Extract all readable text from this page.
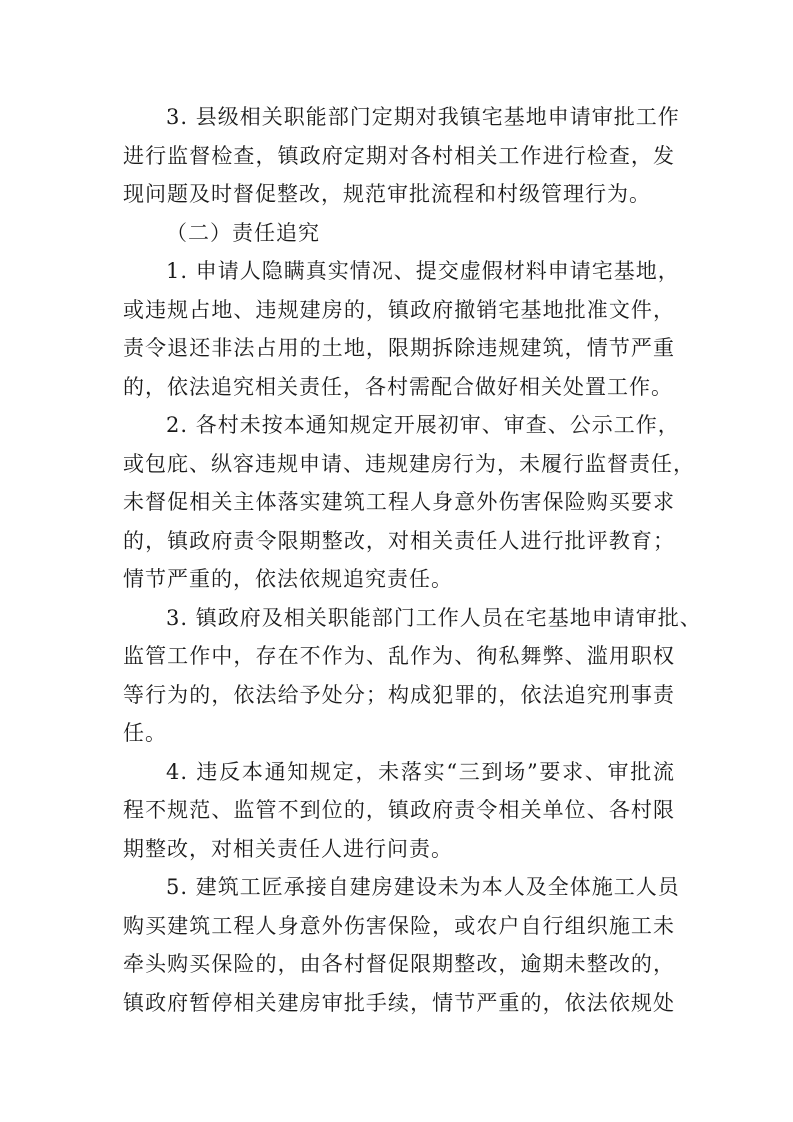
3. 县级相关职能部门定期对我镇宅基地申请审批工作
进行监督检查，镇政府定期对各村相关工作进行检查，发
现问题及时督促整改，规范审批流程和村级管理行为。
（二）责任追究
1. 申请人隐瞒真实情况、提交虚假材料申请宅基地，
或违规占地、违规建房的，镇政府撤销宅基地批准文件，
责令退还非法占用的土地，限期拆除违规建筑，情节严重
的，依法追究相关责任，各村需配合做好相关处置工作。
2. 各村未按本通知规定开展初审、审查、公示工作，
或包庇、纵容违规申请、违规建房行为，未履行监督责任，
未督促相关主体落实建筑工程人身意外伤害保险购买要求
的，镇政府责令限期整改，对相关责任人进行批评教育；
情节严重的，依法依规追究责任。
3. 镇政府及相关职能部门工作人员在宅基地申请审批、
监管工作中，存在不作为、乱作为、徇私舞弊、滥用职权
等行为的，依法给予处分；构成犯罪的，依法追究刑事责
任。
4. 违反本通知规定，未落实“三到场”要求、审批流
程不规范、监管不到位的，镇政府责令相关单位、各村限
期整改，对相关责任人进行问责。
5. 建筑工匠承接自建房建设未为本人及全体施工人员
购买建筑工程人身意外伤害保险，或农户自行组织施工未
牵头购买保险的，由各村督促限期整改，逾期未整改的，
镇政府暂停相关建房审批手续，情节严重的，依法依规处
